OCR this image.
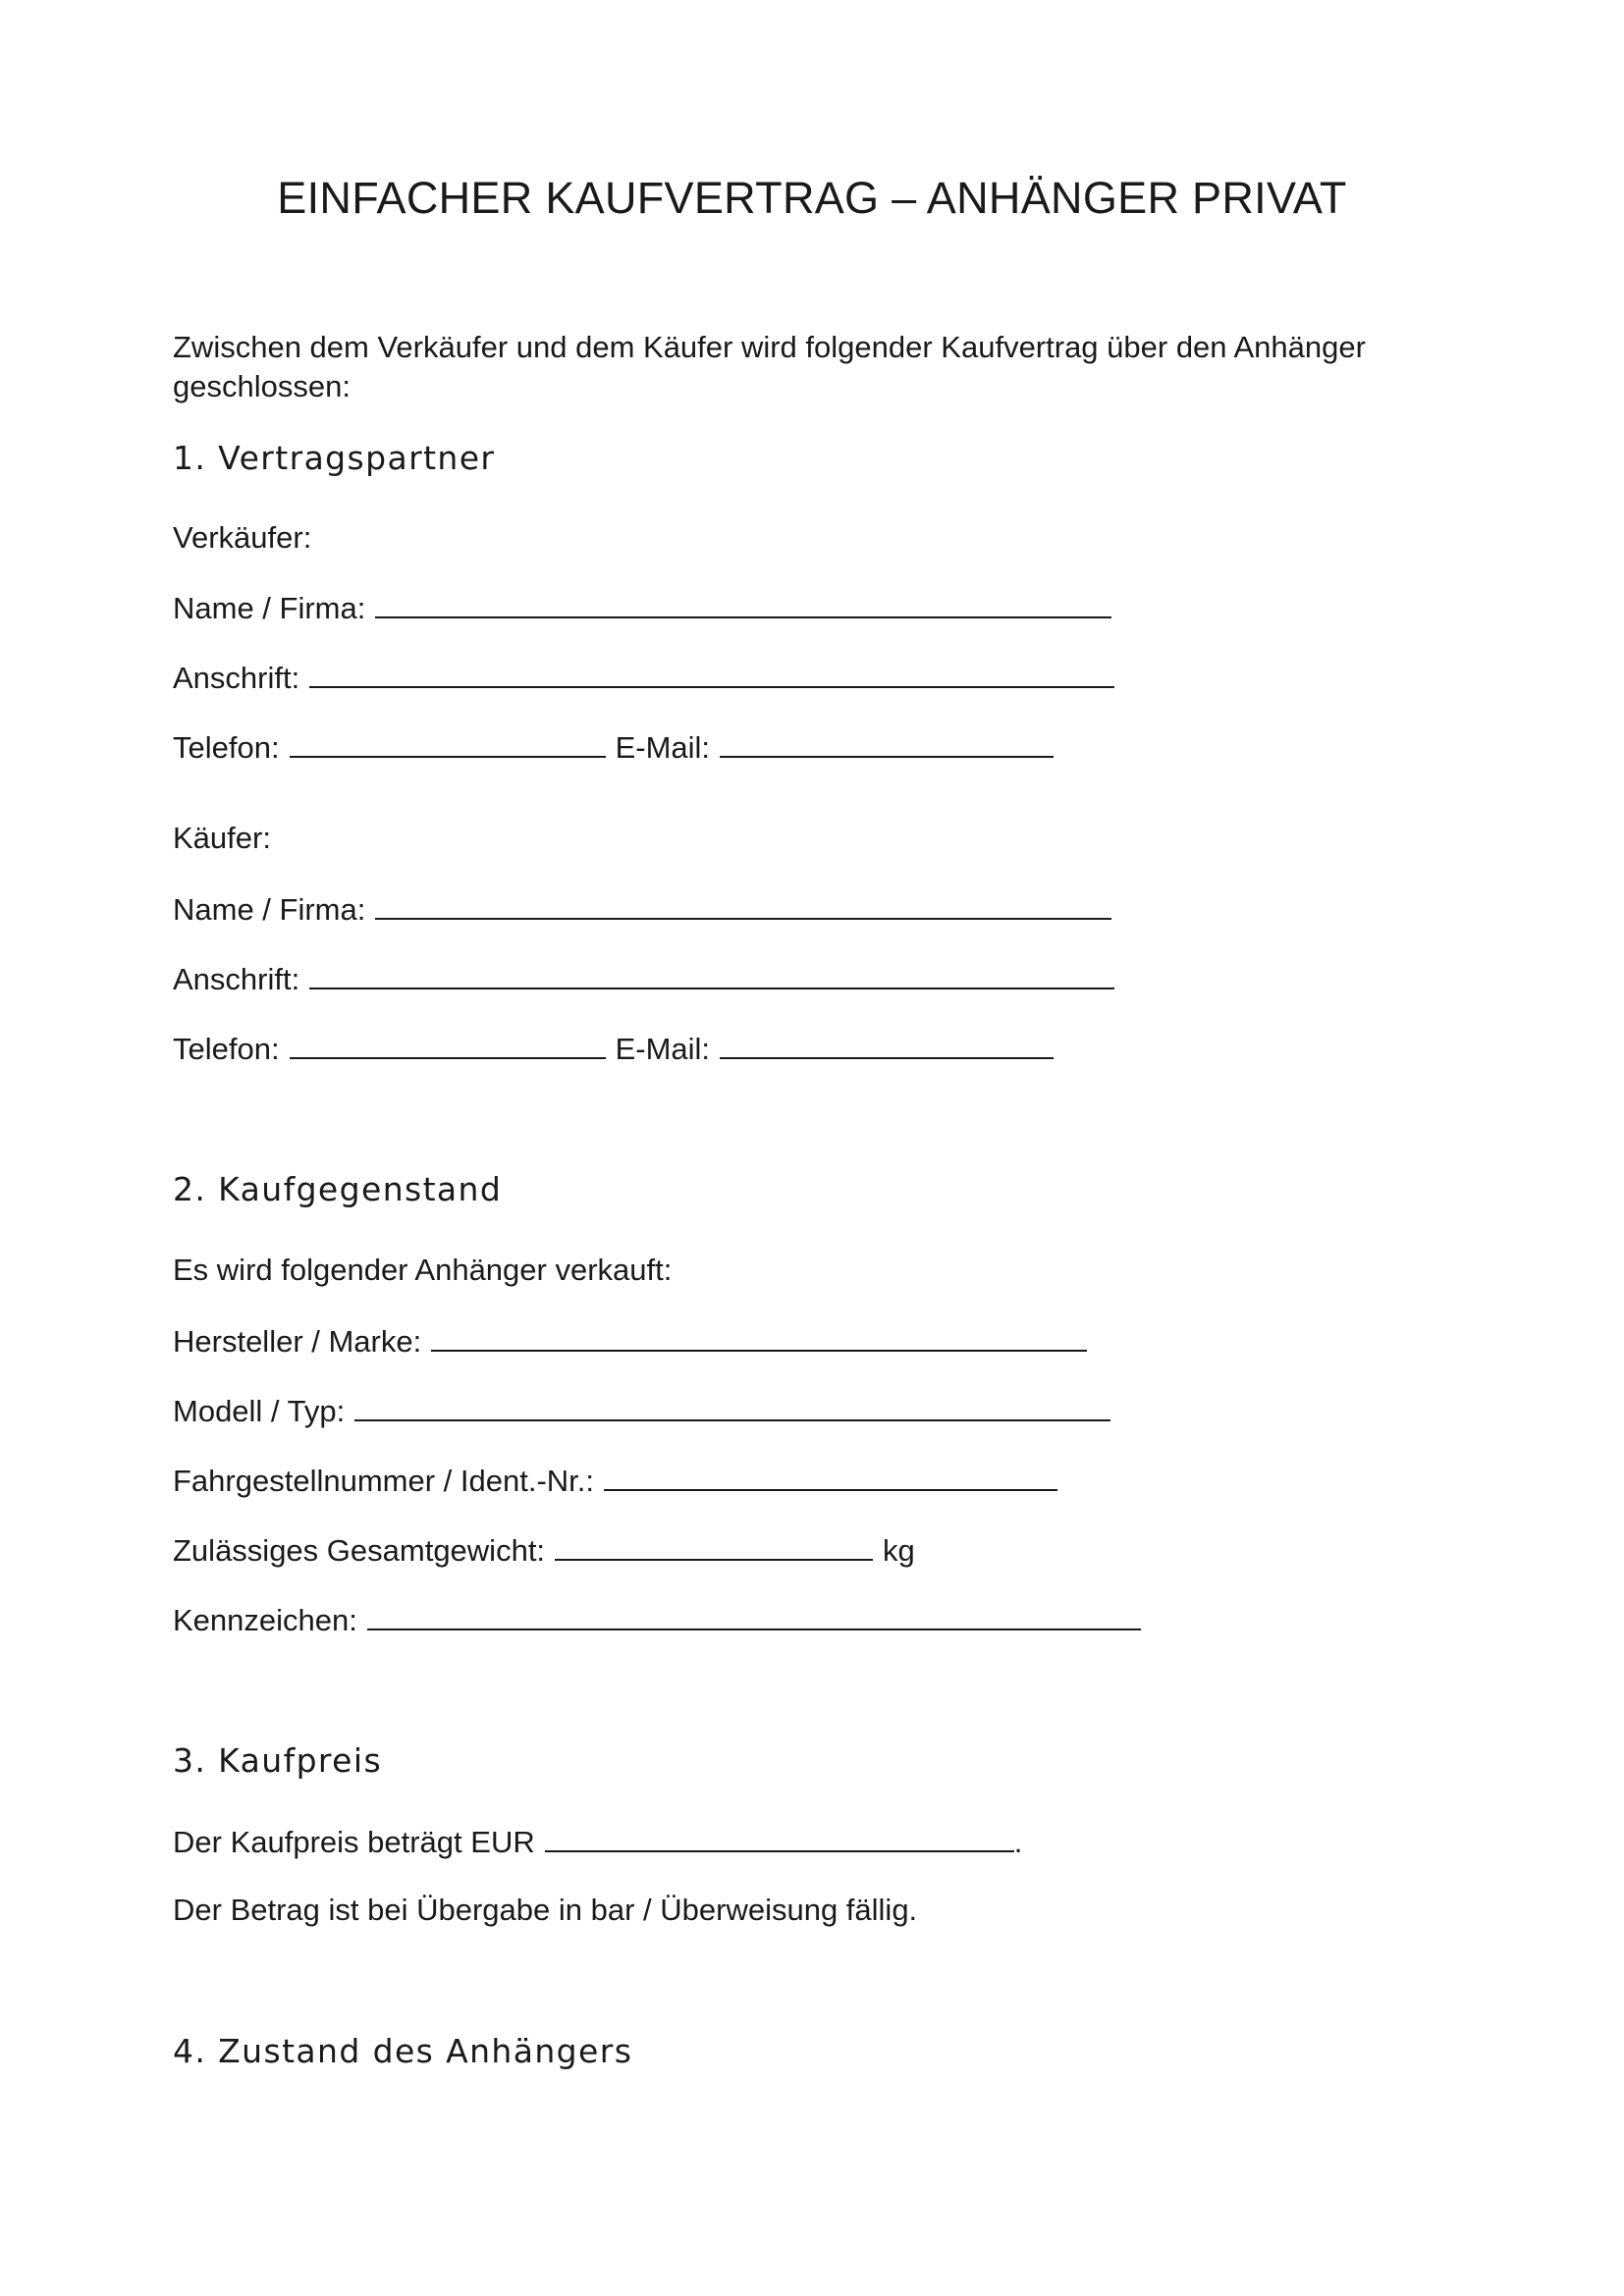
EINFACHER KAUFVERTRAG – ANHÄNGER PRIVAT
Zwischen dem Verkäufer und dem Käufer wird folgender Kaufvertrag über den Anhänger
geschlossen:
1. Vertragspartner
Verkäufer:
Name / Firma:
Anschrift:
Telefon:	E-Mail:
Käufer:
Name / Firma:
Anschrift:
Telefon:	E-Mail:
2. Kaufgegenstand
Es wird folgender Anhänger verkauft:
Hersteller / Marke:
Modell / Typ:
Fahrgestellnummer / Ident.-Nr.:
Zulässiges Gesamtgewicht:	kg
Kennzeichen:
3. Kaufpreis
Der Kaufpreis beträgt EUR	.
Der Betrag ist bei Übergabe in bar / Überweisung fällig.
4. Zustand des Anhängers
